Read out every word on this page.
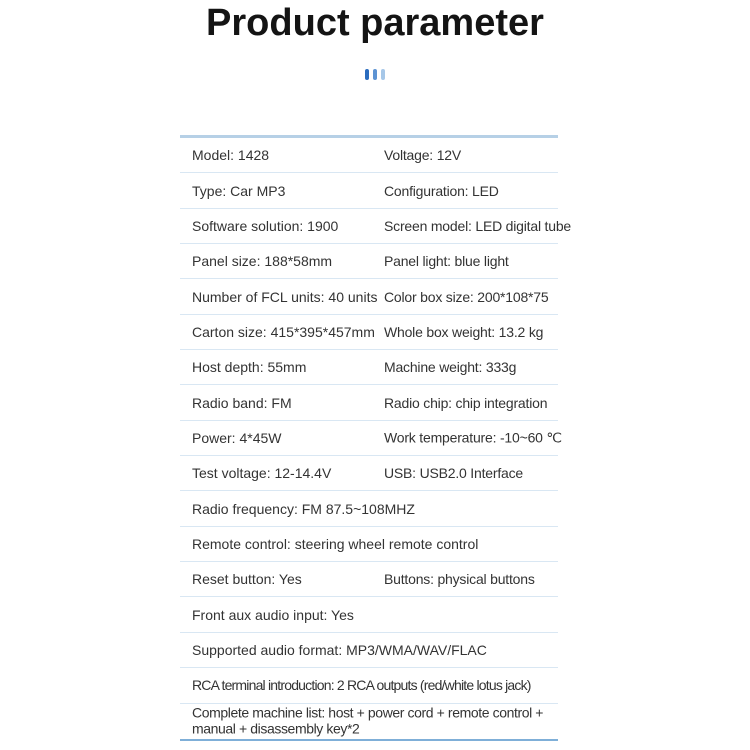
Product parameter
Model: 1428	Voltage: 12V
Type: Car MP3	Configuration: LED
Software solution: 1900	Screen model: LED digital tube
Panel size: 188*58mm	Panel light: blue light
Number of FCL units: 40 units Color box size: 200*108*75
Carton size: 415*395*457mm Whole box weight: 13.2 kg
Host depth: 55mm	Machine weight: 333g
Radio band: FM	Radio chip: chip integration
Power: 4*45W	Work temperature: -10~60 ℃
Test voltage: 12-14.4V	USB: USB2.0 Interface
Radio frequency: FM 87.5~108MHZ
Remote control: steering wheel remote control
Reset button: Yes	Buttons: physical buttons
Front aux audio input: Yes
Supported audio format: MP3/WMA/WAV/FLAC
RCA terminal introduction: 2 RCA outputs (red/white lotus jack)
Complete machine list: host + power cord + remote control + manual + disassembly key*2
